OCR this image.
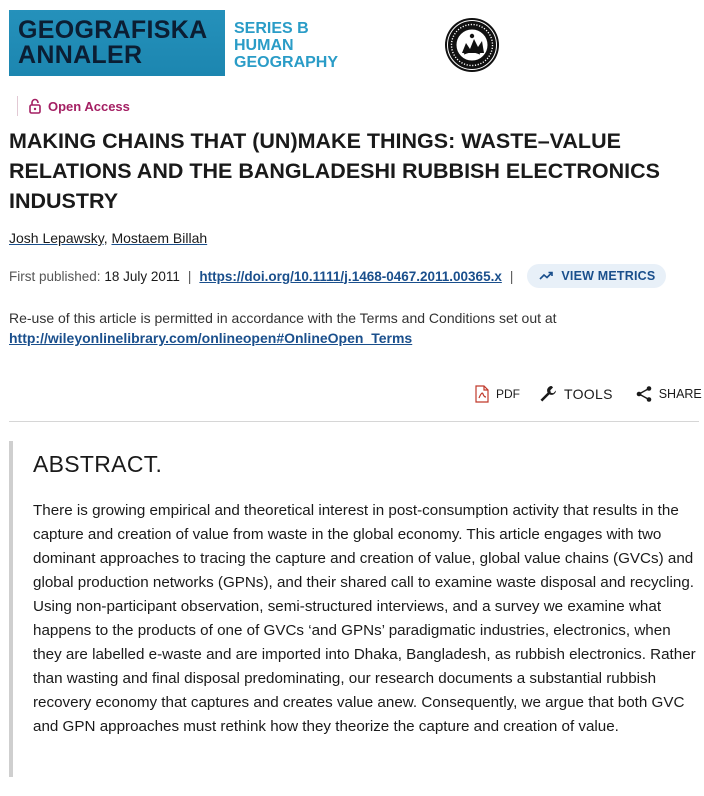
GEOGRAFISKA
ANNALER
SERIES B
HUMAN
GEOGRAPHY
Open Access
MAKING CHAINS THAT (UN)MAKE THINGS: WASTE–VALUE RELATIONS AND THE BANGLADESHI RUBBISH ELECTRONICS INDUSTRY
Josh Lepawsky, Mostaem Billah
First published:
18 July 2011 | https://doi.org/10.1111/j.1468-0467.2011.00365.x |	VIEW METRICS
Re-use of this article is permitted in accordance with the Terms and Conditions set out at http://wileyonlinelibrary.com/onlineopen#OnlineOpen_Terms
PDF	TOOLS	SHARE
ABSTRACT.

There is growing empirical and theoretical interest in post-consumption activity that results in the capture and creation of value from waste in the global economy. This article engages with two dominant approaches to tracing the capture and creation of value, global value chains (GVCs) and global production networks (GPNs), and their shared call to examine waste disposal and recycling. Using non-participant observation, semi-structured interviews, and a survey we examine what happens to the products of one of GVCs ‘and GPNs’ paradigmatic industries, electronics, when they are labelled e-waste and are imported into Dhaka, Bangladesh, as rubbish electronics. Rather than wasting and final disposal predominating, our research documents a substantial rubbish recovery economy that captures and creates value anew. Consequently, we argue that both GVC and GPN approaches must rethink how they theorize the capture and creation of value.
